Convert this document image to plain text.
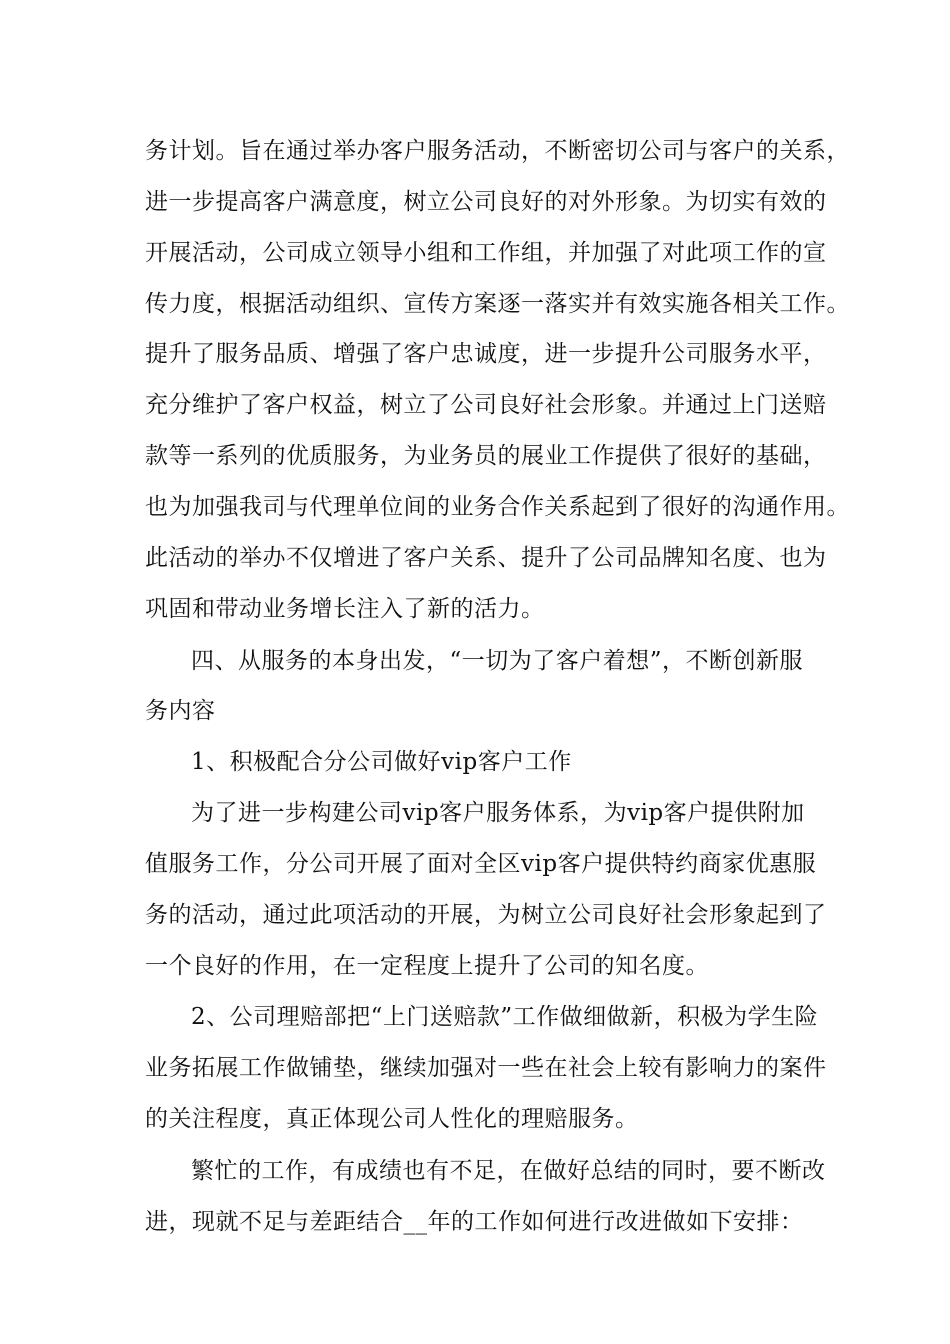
务计划。旨在通过举办客户服务活动，不断密切公司与客户的关系，
进一步提高客户满意度，树立公司良好的对外形象。为切实有效的
开展活动，公司成立领导小组和工作组，并加强了对此项工作的宣
传力度，根据活动组织、宣传方案逐一落实并有效实施各相关工作。
提升了服务品质、增强了客户忠诚度，进一步提升公司服务水平，
充分维护了客户权益，树立了公司良好社会形象。并通过上门送赔
款等一系列的优质服务，为业务员的展业工作提供了很好的基础，
也为加强我司与代理单位间的业务合作关系起到了很好的沟通作用。
此活动的举办不仅增进了客户关系、提升了公司品牌知名度、也为
巩固和带动业务增长注入了新的活力。
四、从服务的本身出发，“一切为了客户着想”，不断创新服
务内容
1、积极配合分公司做好vip客户工作
为了进一步构建公司vip客户服务体系，为vip客户提供附加
值服务工作，分公司开展了面对全区vip客户提供特约商家优惠服
务的活动，通过此项活动的开展，为树立公司良好社会形象起到了
一个良好的作用，在一定程度上提升了公司的知名度。
2、公司理赔部把“上门送赔款”工作做细做新，积极为学生险
业务拓展工作做铺垫，继续加强对一些在社会上较有影响力的案件
的关注程度，真正体现公司人性化的理赔服务。
繁忙的工作，有成绩也有不足，在做好总结的同时，要不断改
进，现就不足与差距结合__年的工作如何进行改进做如下安排：
